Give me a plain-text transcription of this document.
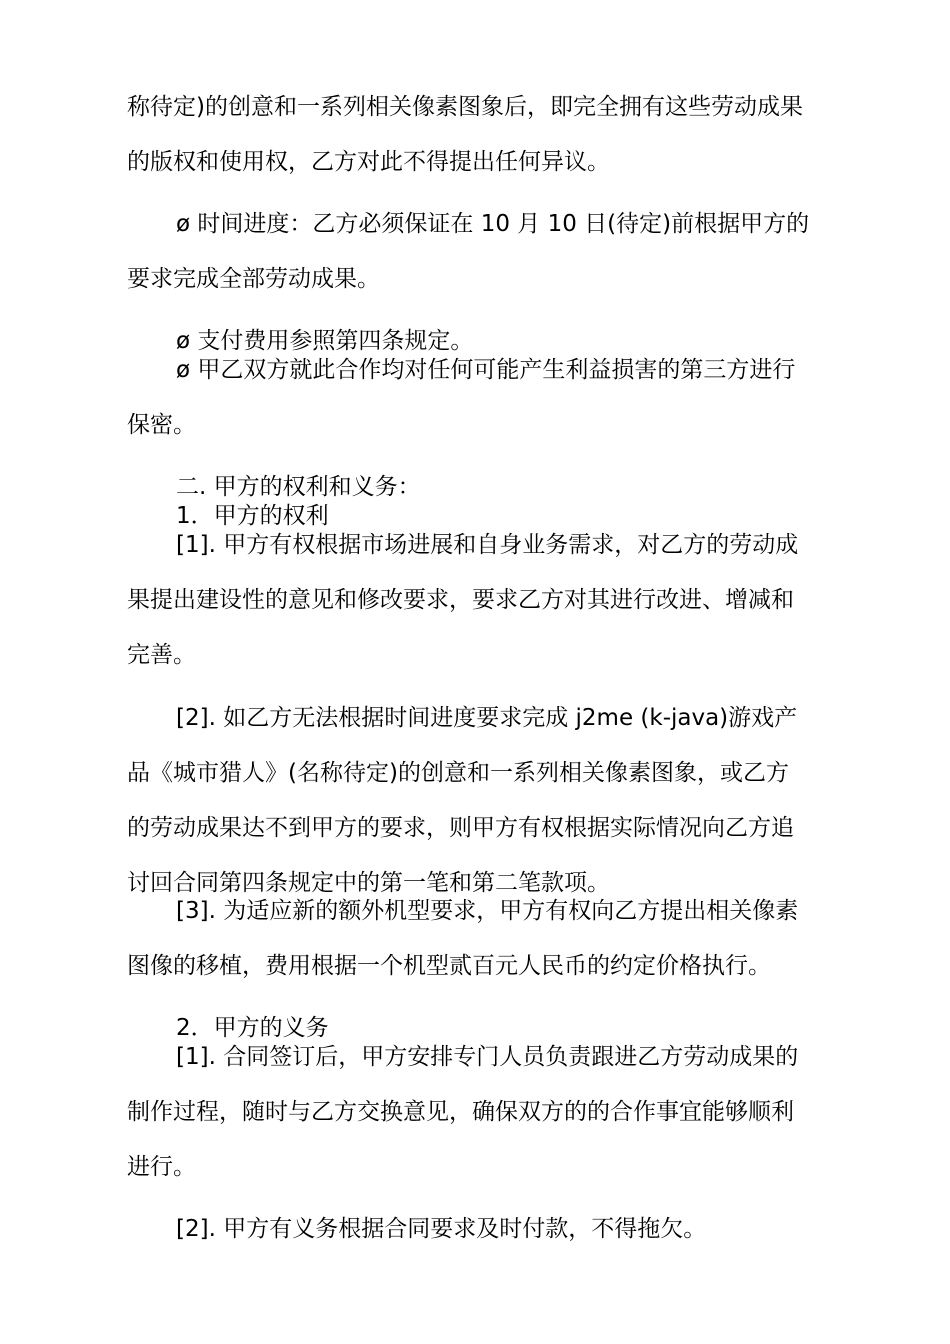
称待定)的创意和一系列相关像素图象后，即完全拥有这些劳动成果

的版权和使用权，乙方对此不得提出任何异议。

ø 时间进度：乙方必须保证在 10 月 10 日(待定)前根据甲方的

要求完成全部劳动成果。

ø 支付费用参照第四条规定。

ø 甲乙双方就此合作均对任何可能产生利益损害的第三方进行

保密。

二. 甲方的权利和义务：

1．甲方的权利

[1]. 甲方有权根据市场进展和自身业务需求，对乙方的劳动成

果提出建设性的意见和修改要求，要求乙方对其进行改进、增减和

完善。

[2]. 如乙方无法根据时间进度要求完成 j2me (k-java)游戏产

品《城市猎人》(名称待定)的创意和一系列相关像素图象，或乙方

的劳动成果达不到甲方的要求，则甲方有权根据实际情况向乙方追

讨回合同第四条规定中的第一笔和第二笔款项。

[3]. 为适应新的额外机型要求，甲方有权向乙方提出相关像素

图像的移植，费用根据一个机型贰百元人民币的约定价格执行。

2．甲方的义务

[1]. 合同签订后，甲方安排专门人员负责跟进乙方劳动成果的

制作过程，随时与乙方交换意见，确保双方的的合作事宜能够顺利

进行。

[2]. 甲方有义务根据合同要求及时付款，不得拖欠。
